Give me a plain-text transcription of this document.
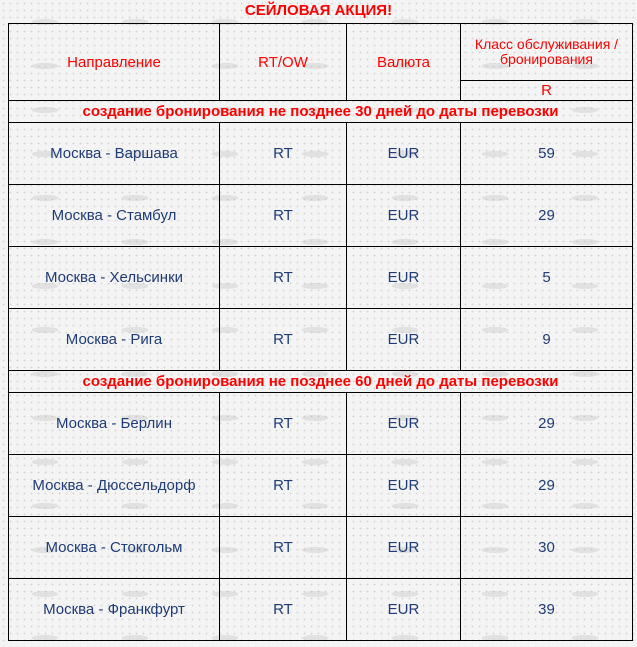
СЕЙЛОВАЯ АКЦИЯ!
Направление	RT/OW	Валюта	Класс обслуживания / бронирования
			R
создание бронирования не позднее 30 дней до даты перевозки			
Москва - Варшава	RT	EUR	59
Москва - Стамбул	RT	EUR	29
Москва - Хельсинки	RT	EUR	5
Москва - Рига	RT	EUR	9
создание бронирования не позднее 60 дней до даты перевозки			
Москва - Берлин	RT	EUR	29
Москва - Дюссельдорф	RT	EUR	29
Москва - Стокгольм	RT	EUR	30
Москва - Франкфурт	RT	EUR	39
